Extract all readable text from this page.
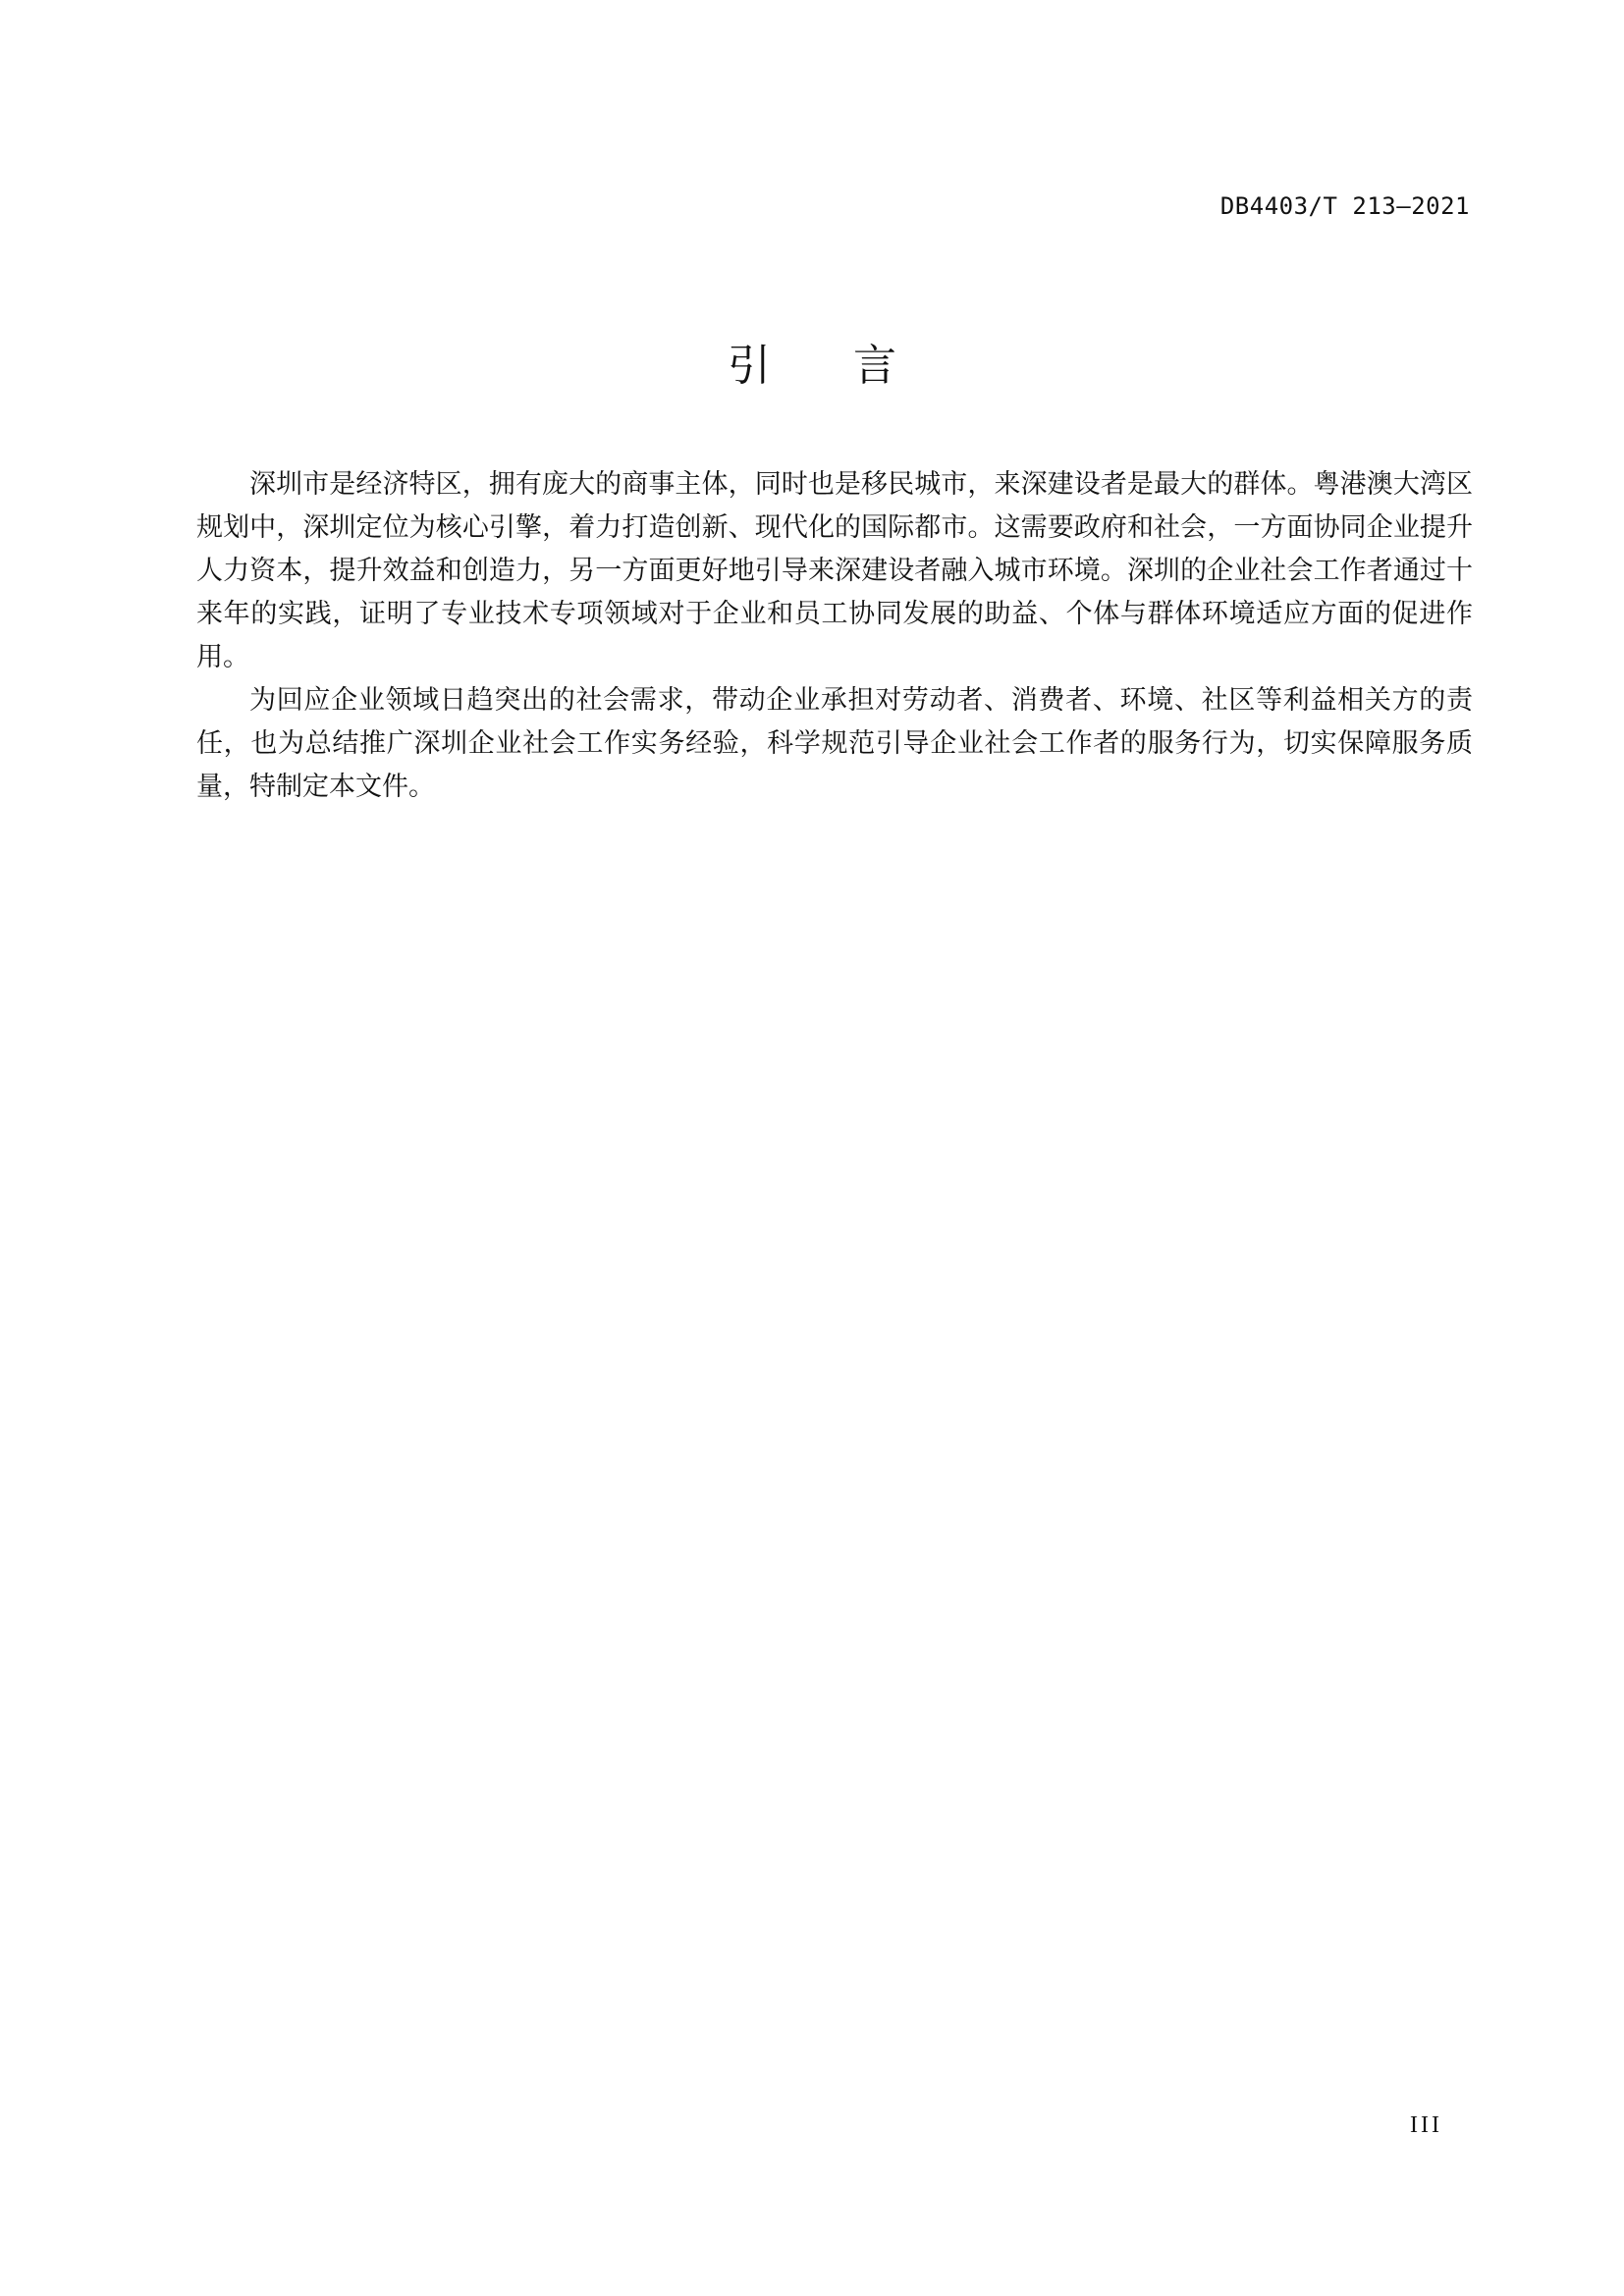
DB4403/T 213—2021
引言

深圳市是经济特区，拥有庞大的商事主体，同时也是移民城市，来深建设者是最大的群体。粤港澳大湾区规划中，深圳定位为核心引擎，着力打造创新、现代化的国际都市。这需要政府和社会，一方面协同企业提升人力资本，提升效益和创造力，另一方面更好地引导来深建设者融入城市环境。深圳的企业社会工作者通过十来年的实践，证明了专业技术专项领域对于企业和员工协同发展的助益、个体与群体环境适应方面的促进作用。

为回应企业领域日趋突出的社会需求，带动企业承担对劳动者、消费者、环境、社区等利益相关方的责任，也为总结推广深圳企业社会工作实务经验，科学规范引导企业社会工作者的服务行为，切实保障服务质量，特制定本文件。

III
